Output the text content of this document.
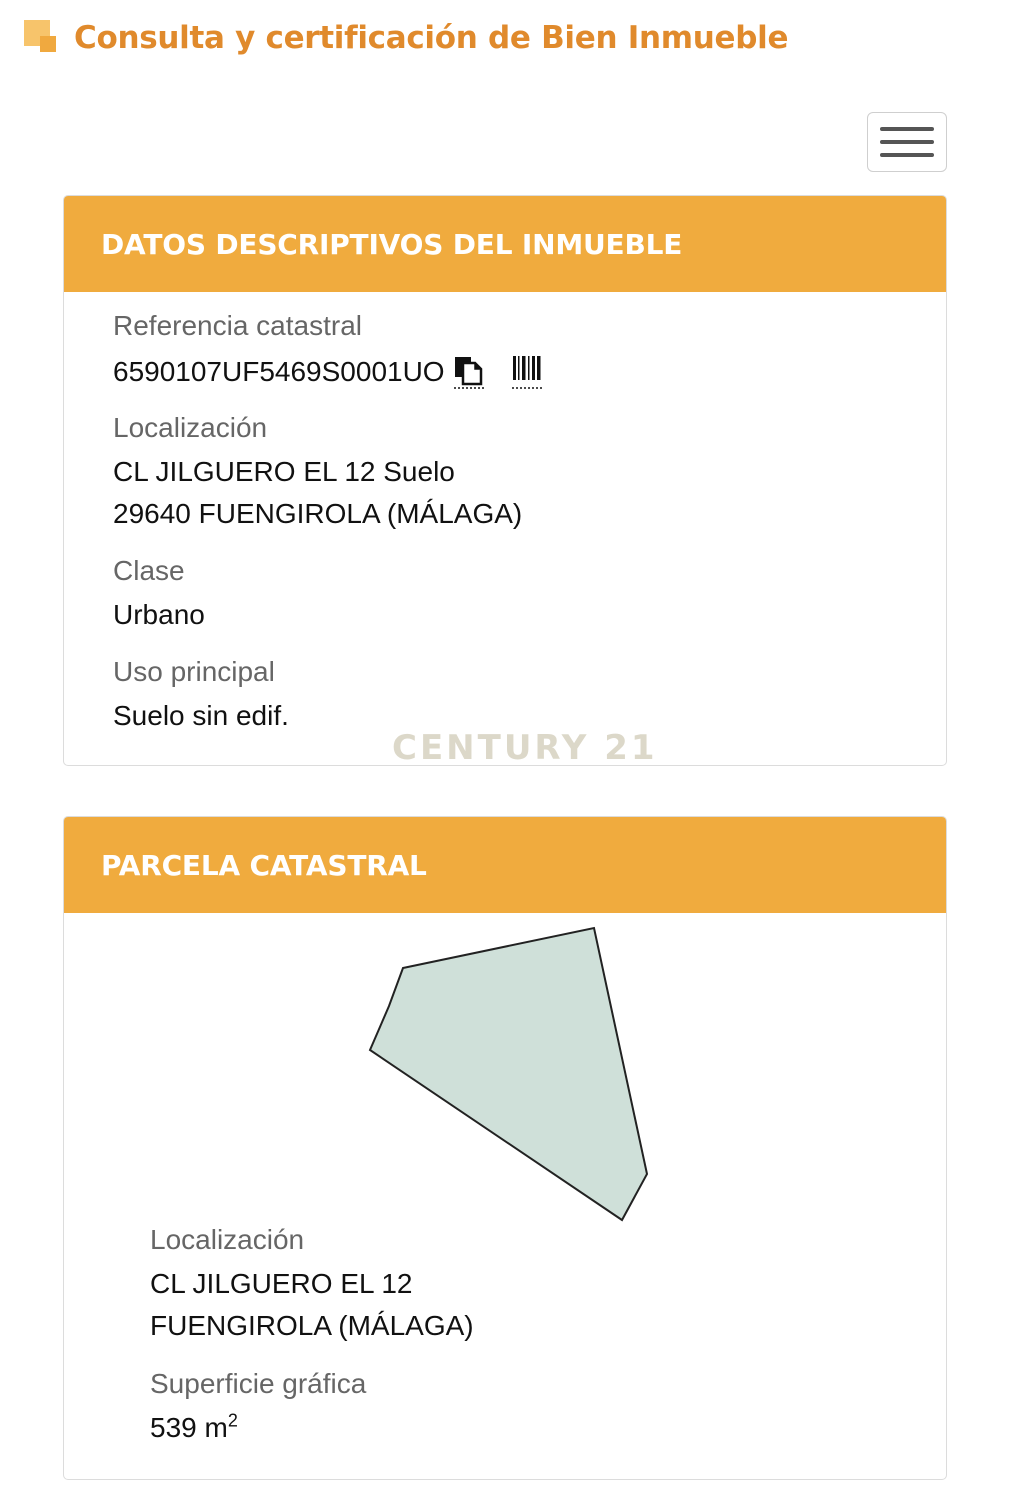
Consulta y certificación de Bien Inmueble
DATOS DESCRIPTIVOS DEL INMUEBLE
Referencia catastral
6590107UF5469S0001UO
Localización
CL JILGUERO EL 12 Suelo
29640 FUENGIROLA (MÁLAGA)
Clase
Urbano
Uso principal
Suelo sin edif.
CENTURY 21
PARCELA CATASTRAL
Localización
CL JILGUERO EL 12
FUENGIROLA (MÁLAGA)
Superficie gráfica
539 $m^2$
